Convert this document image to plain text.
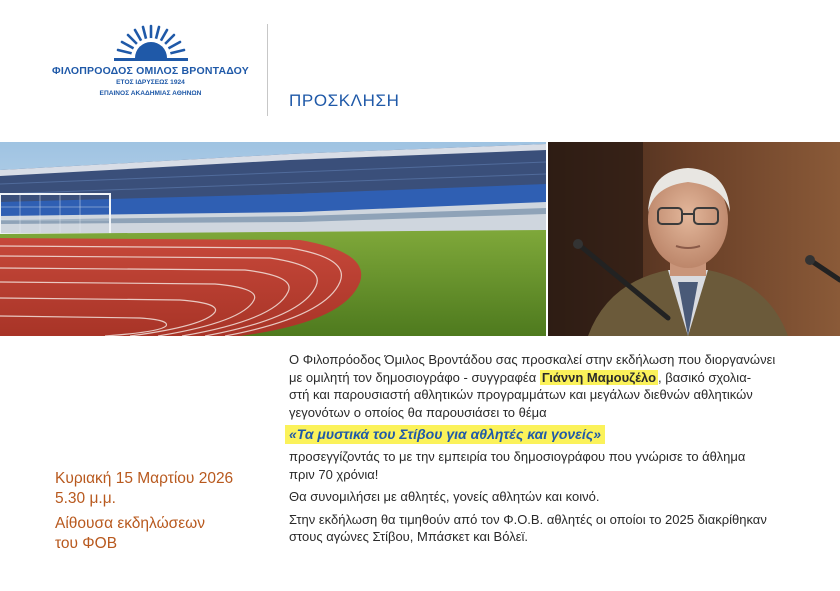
ΦΙΛΟΠΡΟΟΔΟΣ ΟΜΙΛΟΣ ΒΡΟΝΤΑΔΟΥ
ΕΤΟΣ ΙΔΡΥΣΕΩΣ 1924
ΕΠΑΙΝΟΣ ΑΚΑΔΗΜΙΑΣ ΑΘΗΝΩΝ	ΠΡΟΣΚΛΗΣΗ
Κυριακή 15 Μαρτίου 2026
5.30 μ.μ.
Αίθουσα εκδηλώσεων
του ΦΟΒ

Ο Φιλοπρόοδος Όμιλος Βροντάδου σας προσκαλεί στην εκδήλωση που διοργανώνει

με ομιλητή τον δημοσιογράφο - συγγραφέα Γιάννη Μαμουζέλο , βασικό σχολια-

στή και παρουσιαστή αθλητικών προγραμμάτων και μεγάλων διεθνών αθλητικών

γεγονότων ο οποίος θα παρουσιάσει το θέμα

«Τα μυστικά του Στίβου για αθλητές και γονείς»

προσεγγίζοντάς το με την εμπειρία του δημοσιογράφου που γνώρισε το άθλημα

πριν 70 χρόνια!

Θα συνομιλήσει με αθλητές, γονείς αθλητών και κοινό.

Στην εκδήλωση θα τιμηθούν από τον Φ.Ο.Β. αθλητές οι οποίοι το 2025 διακρίθηκαν

στους αγώνες Στίβου, Μπάσκετ και Βόλεϊ.
